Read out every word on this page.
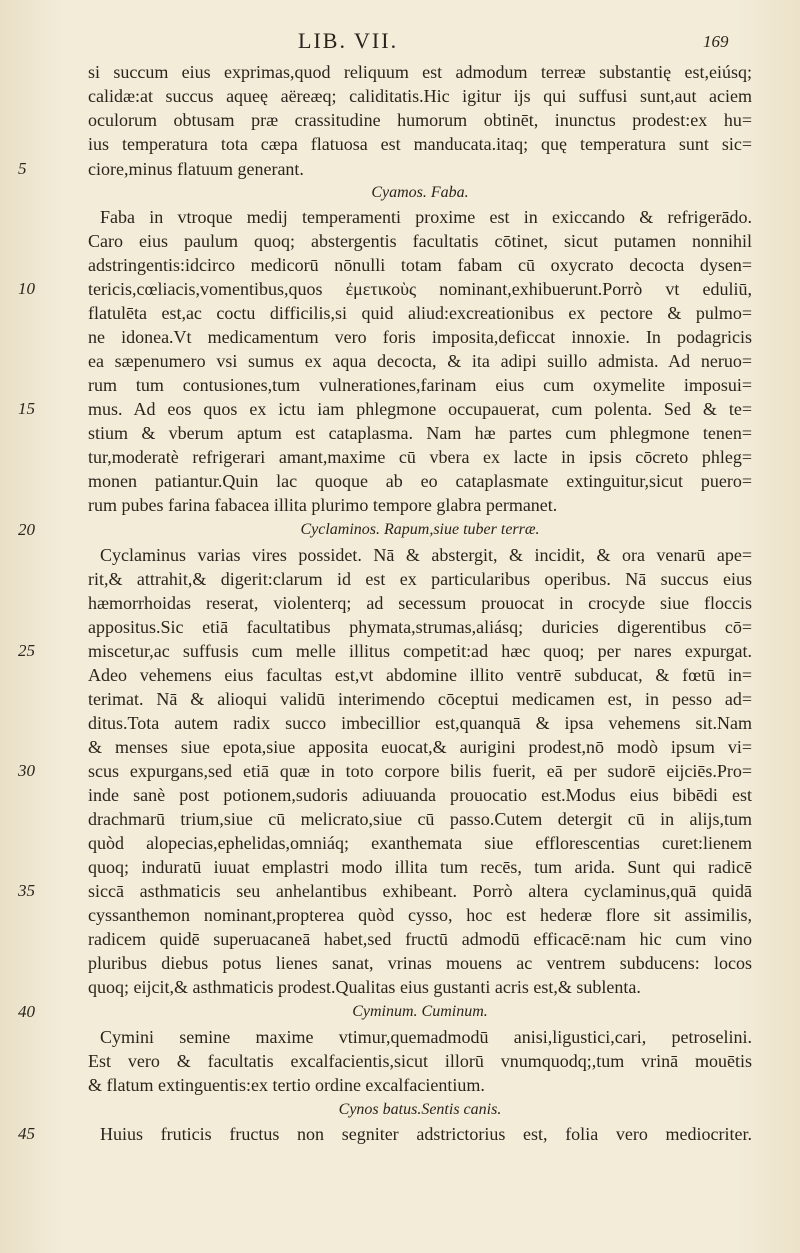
LIB. VII.	169
si succum eius exprimas,quod reliquum est admodum terreæ substantię est,eiúsq;
calidæ:at succus aqueę aëreæq; caliditatis.Hic igitur ijs qui suffusi sunt,aut aciem
oculorum obtusam præ crassitudine humorum obtinēt, inunctus prodest:ex hu=
ius temperatura tota cæpa flatuosa est manducata.itaq; quę temperatura sunt sic=
ciore,minus flatuum generant.
Cyamos. Faba.
Faba in vtroque medij temperamenti proxime est in exiccando & refrigerādo.
Caro eius paulum quoq; abstergentis facultatis cōtinet, sicut putamen nonnihil
adstringentis:idcirco medicorū nōnulli totam fabam cū oxycrato decocta dysen=
tericis,cœliacis,vomentibus,quos ἐμετικοὺς nominant,exhibuerunt.Porrò vt eduliū,
flatulēta est,ac coctu difficilis,si quid aliud:excreationibus ex pectore & pulmo=
ne idonea.Vt medicamentum vero foris imposita,deficcat innoxie. In podagricis
ea sæpenumero vsi sumus ex aqua decocta, & ita adipi suillo admista. Ad neruo=
rum tum contusiones,tum vulnerationes,farinam eius cum oxymelite imposui=
mus. Ad eos quos ex ictu iam phlegmone occupauerat, cum polenta. Sed & te=
stium & vberum aptum est cataplasma. Nam hæ partes cum phlegmone tenen=
tur,moderatè refrigerari amant,maxime cū vbera ex lacte in ipsis cōcreto phleg=
monen patiantur.Quin lac quoque ab eo cataplasmate extinguitur,sicut puero=
rum pubes farina fabacea illita plurimo tempore glabra permanet.
Cyclaminos. Rapum,siue tuber terræ.
Cyclaminus varias vires possidet. Nā & abstergit, & incidit, & ora venarū ape=
rit,& attrahit,& digerit:clarum id est ex particularibus operibus. Nā succus eius
hæmorrhoidas reserat, violenterq; ad secessum prouocat in crocyde siue floccis
appositus.Sic etiā facultatibus phymata,strumas,aliásq; duricies digerentibus cō=
miscetur,ac suffusis cum melle illitus competit:ad hæc quoq; per nares expurgat.
Adeo vehemens eius facultas est,vt abdomine illito ventrē subducat, & fœtū in=
terimat. Nā & alioqui validū interimendo cōceptui medicamen est, in pesso ad=
ditus.Tota autem radix succo imbecillior est,quanquā & ipsa vehemens sit.Nam
& menses siue epota,siue apposita euocat,& aurigini prodest,nō modò ipsum vi=
scus expurgans,sed etiā quæ in toto corpore bilis fuerit, eā per sudorē eijciēs.Pro=
inde sanè post potionem,sudoris adiuuanda prouocatio est.Modus eius bibēdi est
drachmarū trium,siue cū melicrato,siue cū passo.Cutem detergit cū in alijs,tum
quòd alopecias,ephelidas,omniáq; exanthemata siue efflorescentias curet:lienem
quoq; induratū iuuat emplastri modo illita tum recēs, tum arida. Sunt qui radicē
siccā asthmaticis seu anhelantibus exhibeant. Porrò altera cyclaminus,quā quidā
cyssanthemon nominant,propterea quòd cysso, hoc est hederæ flore sit assimilis,
radicem quidē superuacaneā habet,sed fructū admodū efficacē:nam hic cum vino
pluribus diebus potus lienes sanat, vrinas mouens ac ventrem subducens: locos
quoq; eijcit,& asthmaticis prodest.Qualitas eius gustanti acris est,& sublenta.
Cyminum. Cuminum.
Cymini semine maxime vtimur,quemadmodū anisi,ligustici,cari, petroselini.
Est vero & facultatis excalfacientis,sicut illorū vnumquodq;,tum vrinā mouētis
& flatum extinguentis:ex tertio ordine excalfacientium.
Cynos batus.Sentis canis.
Huius fruticis fructus non segniter adstrictorius est, folia vero mediocriter.
5
10
15
20
25
30
35
40
45
